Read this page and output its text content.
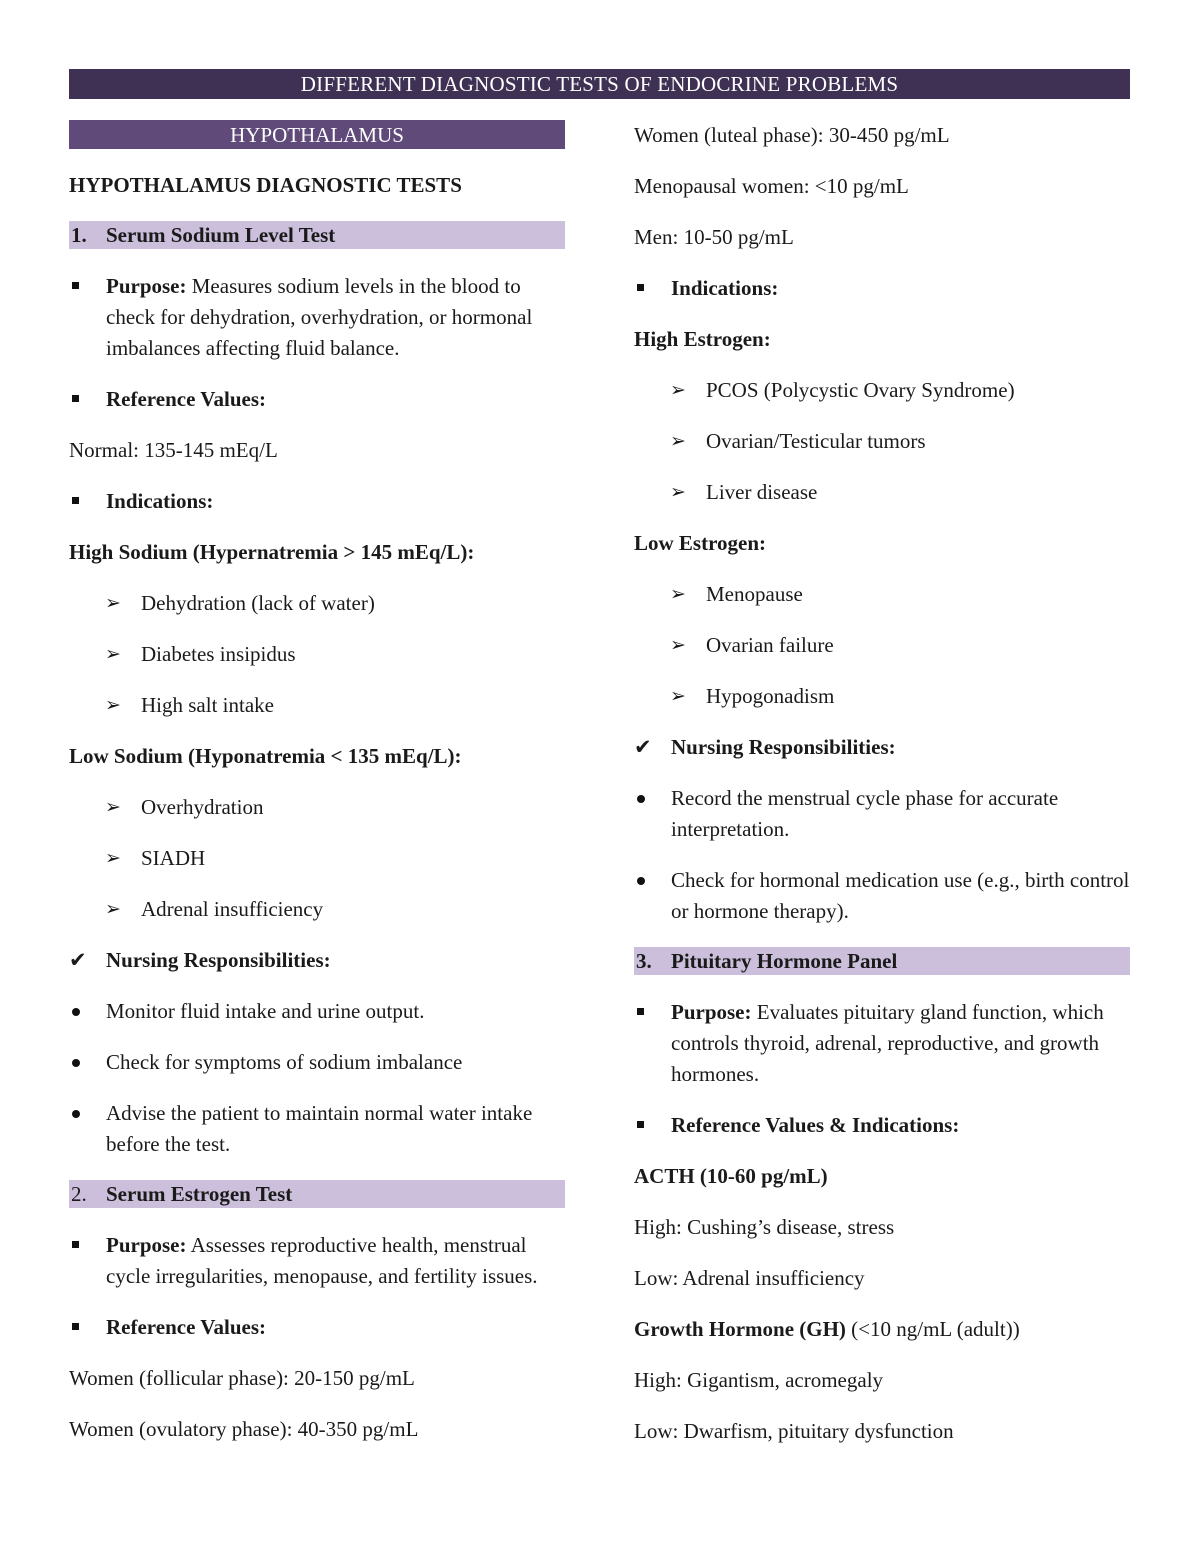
DIFFERENT DIAGNOSTIC TESTS OF ENDOCRINE PROBLEMS
HYPOTHALAMUS
HYPOTHALAMUS DIAGNOSTIC TESTS
1. Serum Sodium Level Test
Purpose: Measures sodium levels in the blood to check for dehydration, overhydration, or hormonal imbalances affecting fluid balance.
Reference Values:
Normal: 135-145 mEq/L
Indications:
High Sodium (Hypernatremia > 145 mEq/L):
➢ Dehydration (lack of water)
➢ Diabetes insipidus
➢ High salt intake
Low Sodium (Hyponatremia < 135 mEq/L):
➢ Overhydration
➢ SIADH
➢ Adrenal insufficiency
✔ Nursing Responsibilities:
Monitor fluid intake and urine output.
Check for symptoms of sodium imbalance
Advise the patient to maintain normal water intake before the test.
2. Serum Estrogen Test
Purpose: Assesses reproductive health, menstrual cycle irregularities, menopause, and fertility issues.
Reference Values:
Women (follicular phase): 20-150 pg/mL
Women (ovulatory phase): 40-350 pg/mL
Women (luteal phase): 30-450 pg/mL
Menopausal women: <10 pg/mL
Men: 10-50 pg/mL
Indications:
High Estrogen:
➢ PCOS (Polycystic Ovary Syndrome)
➢ Ovarian/Testicular tumors
➢ Liver disease
Low Estrogen:
➢ Menopause
➢ Ovarian failure
➢ Hypogonadism
✔ Nursing Responsibilities:
Record the menstrual cycle phase for accurate interpretation.
Check for hormonal medication use (e.g., birth control or hormone therapy).
3. Pituitary Hormone Panel
Purpose: Evaluates pituitary gland function, which controls thyroid, adrenal, reproductive, and growth hormones.
Reference Values & Indications:
ACTH (10-60 pg/mL)
High: Cushing’s disease, stress
Low: Adrenal insufficiency
Growth Hormone (GH) (<10 ng/mL (adult))
High: Gigantism, acromegaly
Low: Dwarfism, pituitary dysfunction
